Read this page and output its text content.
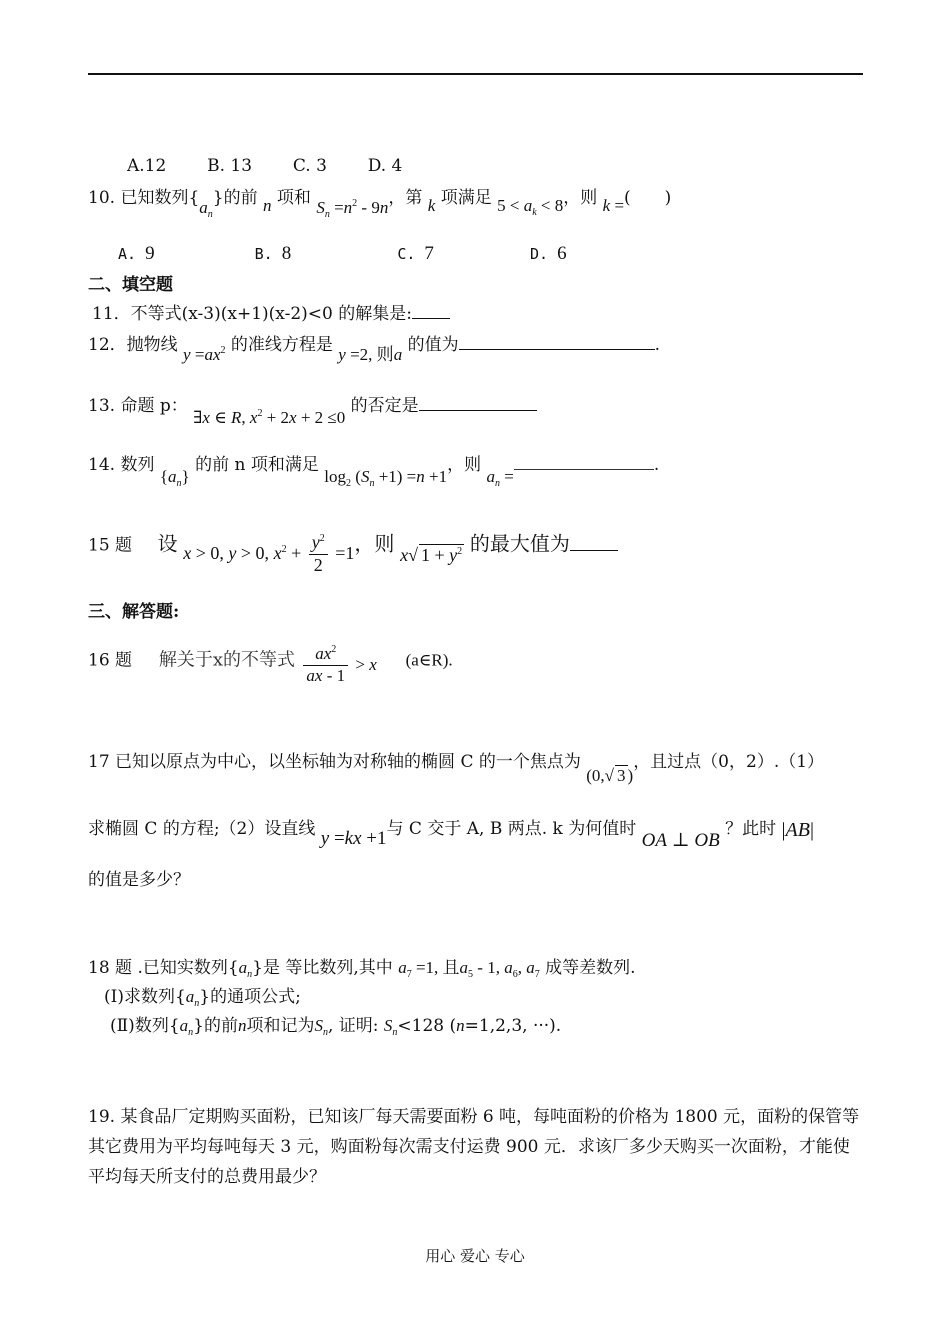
A.12 B. 13 C. 3 D. 4
10. 已知数列$\{a_n\}$的前 n 项和 $S_n =n^2 - 9n$，第 k 项满足 $5 < a_k < 8$，则 k =(　　)
A. 9	B. 8	C. 7	D. 6
二、填空题
11．不等式(x-3)(x+1)(x-2)<0 的解集是:
12．抛物线 $y =ax^2$ 的准线方程是 y =2, 则a 的值为	.
13. 命题 p： ∃x ∈ R, $x^2 + 2x + 2 \le 0$ 的否定是
14. 数列 $\{a_n\}$ 的前 n 项和满足 $\log_2 (S_n +1) =n +1$，则 $a_n$ =.
15 题 设 x > 0, y > 0, $x^2 + \frac{y^2}{2} =1$，则 x√ $1 + y^2$ 的最大值为
三、解答题:
16 题 解关于x的不等式 $\frac{ax^2}{ax - 1} > x$ (a∈R).
17 已知以原点为中心，以坐标轴为对称轴的椭圆 C 的一个焦点为 (0,√ 3 )，且过点（0，2）.（1）
求椭圆 C 的方程;（2）设直线 y =kx +1与 C 交于 A, B 两点. k 为何值时 OA ⊥ OB ？此时 |AB|
的值是多少？
18 题 .已知实数列$\{a_n\}$是 等比数列,其中 $a_7 =1$, 且$a_5 - 1$, $a_6$, $a_7$ 成等差数列.
(Ⅰ)求数列$\{a_n\}$的通项公式;
(Ⅱ)数列$\{a_n\}$的前n项和记为$S_n$, 证明: $S_n<128$ (n=1,2,3, ···).
19. 某食品厂定期购买面粉，已知该厂每天需要面粉 6 吨，每吨面粉的价格为 1800 元，面粉的保管等其它费用为平均每吨每天 3 元，购面粉每次需支付运费 900 元．求该厂多少天购买一次面粉，才能使平均每天所支付的总费用最少？
用心 爱心 专心
